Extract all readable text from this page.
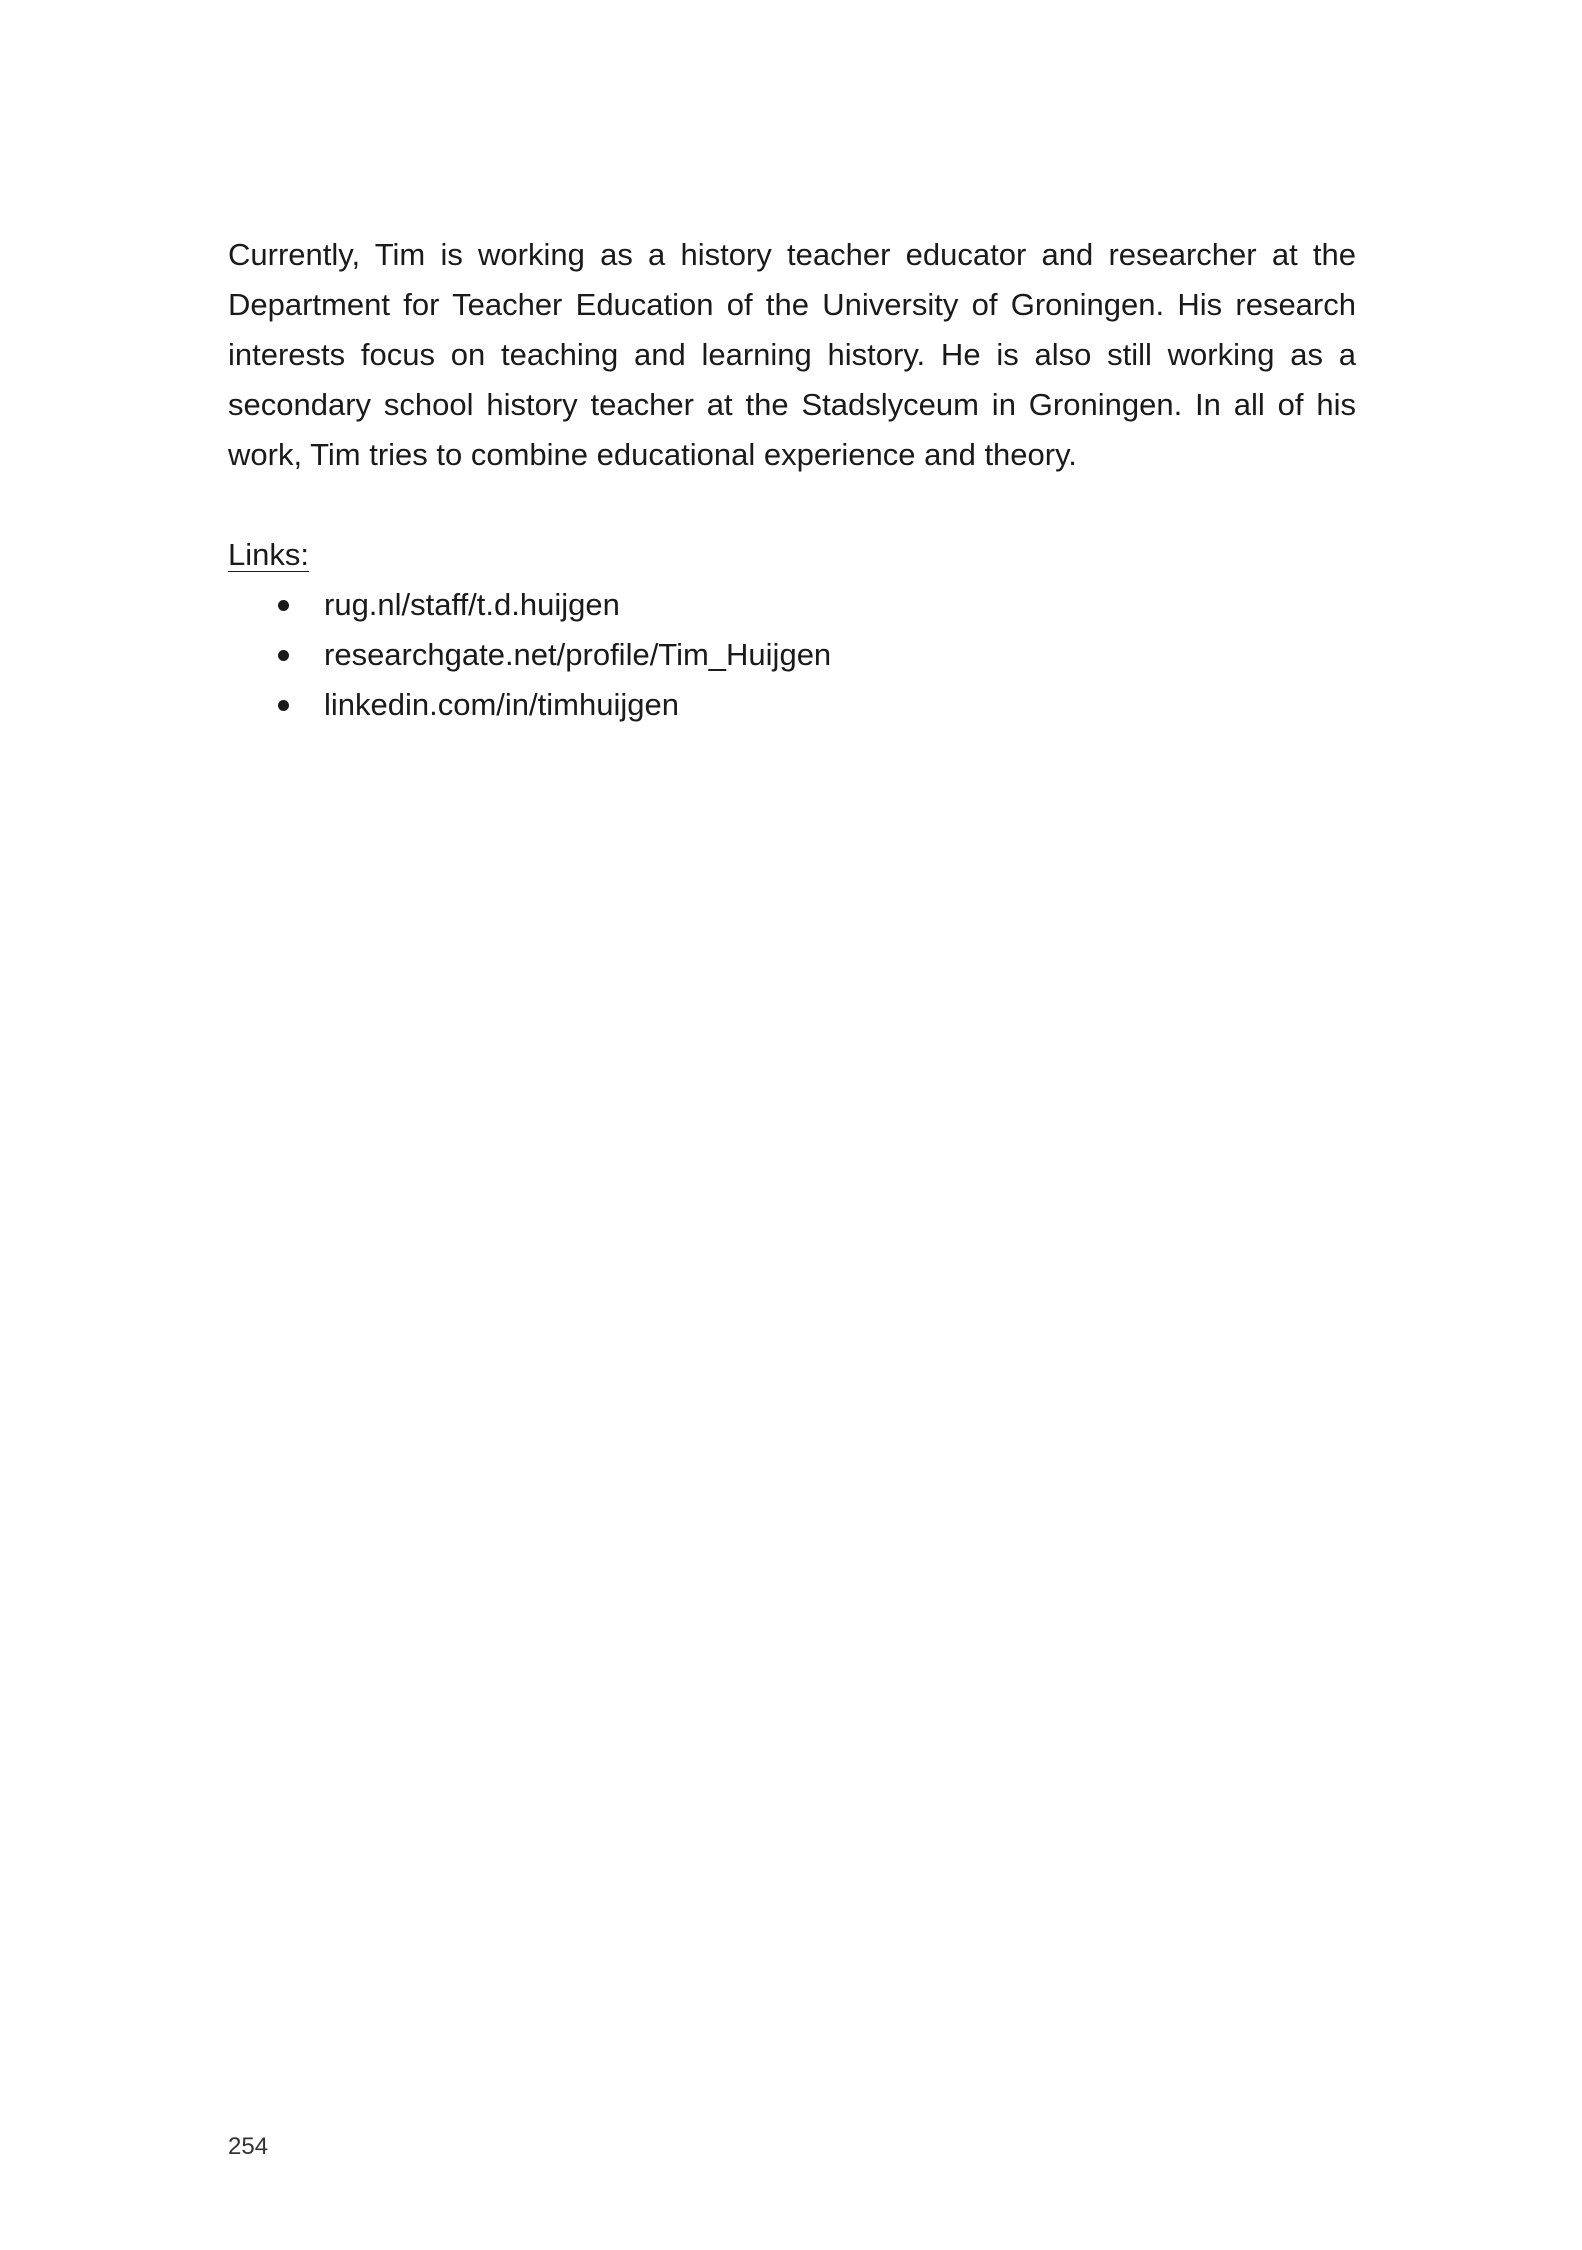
Currently, Tim is working as a history teacher educator and researcher at the Department for Teacher Education of the University of Groningen. His research interests focus on teaching and learning history. He is also still working as a secondary school history teacher at the Stadslyceum in Groningen. In all of his work, Tim tries to combine educational experience and theory.

Links:

rug.nl/staff/t.d.huijgen
researchgate.net/profile/Tim_Huijgen
linkedin.com/in/timhuijgen

254
